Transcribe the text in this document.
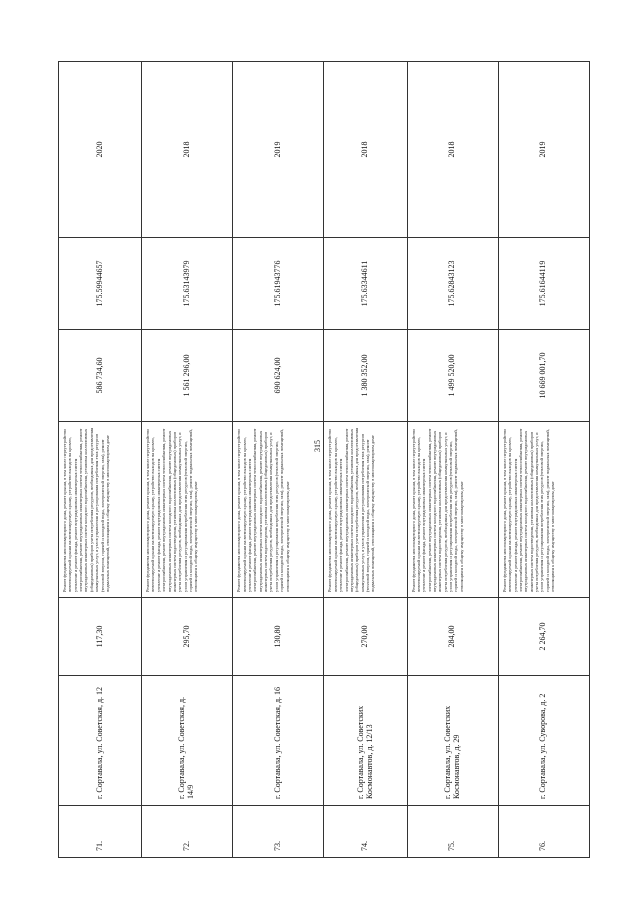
315
71.	г. Сортавала, ул. Советская, д. 12	117,30	Ремонт фундамента многоквартирного дома, ремонт крыши, в том числе переустройство невентилируемой крыши на вентилируемую крышу, устройство выходов на кровлю, утепление и ремонт фасада, ремонт внутридомовых инженерных систем электроснабжения, ремонт внутридомовых инженерных систем теплоснабжения, ремонт внутридомовых инженерных систем холодного водоснабжения, установка коллективных (общедомовых) приборов учета потребления ресурсов, необходимых для предоставления коммунальных услуг, и узлов управления и регулирования потребления этих ресурсов (тепловой энергии, горячей и холодной воды, электрической энергии, газа), ремонт подвальных помещений, относящихся к общему имуществу в многоквартирном доме	586 734,60	175.59944657	2020
72.	г. Сортавала, ул. Советская, д. 14/9	295,70	Ремонт фундамента многоквартирного дома, ремонт крыши, в том числе переустройство невентилируемой крыши на вентилируемую крышу, устройство выходов на кровлю, утепление и ремонт фасада, ремонт внутридомовых инженерных систем электроснабжения, ремонт внутридомовых инженерных систем теплоснабжения, ремонт внутридомовых инженерных систем холодного водоснабжения, ремонт внутридомовых инженерных систем водоотведения, установка коллективных (общедомовых) приборов учета потребления ресурсов, необходимых для предоставления коммунальных услуг, и узлов управления и регулирования потребления этих ресурсов (тепловой энергии, горячей и холодной воды, электрической энергии, газа), ремонт подвальных помещений, относящихся к общему имуществу в многоквартирном доме	1 561 296,00	175.63143979	2018
73.	г. Сортавала, ул. Советская, д. 16	130,80	Ремонт фундамента многоквартирного дома, ремонт крыши, в том числе переустройство невентилируемой крыши на вентилируемую крышу, устройство выходов на кровлю, утепление и ремонт фасада, ремонт внутридомовых инженерных систем электроснабжения, ремонт внутридомовых инженерных систем теплоснабжения, ремонт внутридомовых инженерных систем холодного водоснабжения, ремонт внутридомовых инженерных систем водоотведения, установка коллективных (общедомовых) приборов учета потребления ресурсов, необходимых для предоставления коммунальных услуг, и узлов управления и регулирования потребления этих ресурсов (тепловой энергии, горячей и холодной воды, электрической энергии, газа), ремонт подвальных помещений, относящихся к общему имуществу в многоквартирном доме	690 624,00	175.61943776	2019
74.	г. Сортавала, ул. Советских Космонавтов, д. 12/13	270,00	Ремонт фундамента многоквартирного дома, ремонт крыши, в том числе переустройство невентилируемой крыши на вентилируемую крышу, устройство выходов на кровлю, утепление и ремонт фасада, ремонт внутридомовых инженерных систем электроснабжения, ремонт внутридомовых инженерных систем теплоснабжения, ремонт внутридомовых инженерных систем холодного водоснабжения, установка коллективных (общедомовых) приборов учета потребления ресурсов, необходимых для предоставления коммунальных услуг, и узлов управления и регулирования потребления этих ресурсов (тепловой энергии, горячей и холодной воды, электрической энергии, газа), ремонт подвальных помещений, относящихся к общему имуществу в многоквартирном доме	1 380 352,00	175.63344611	2018
75.	г. Сортавала, ул. Советских Космонавтов, д. 29	284,00	Ремонт фундамента многоквартирного дома, ремонт крыши, в том числе переустройство невентилируемой крыши на вентилируемую крышу, устройство выходов на кровлю, утепление и ремонт фасада, ремонт внутридомовых инженерных систем электроснабжения, ремонт внутридомовых инженерных систем теплоснабжения, ремонт внутридомовых инженерных систем холодного водоснабжения, ремонт внутридомовых инженерных систем водоотведения, установка коллективных (общедомовых) приборов учета потребления ресурсов, необходимых для предоставления коммунальных услуг, и узлов управления и регулирования потребления этих ресурсов (тепловой энергии, горячей и холодной воды, электрической энергии, газа), ремонт подвальных помещений, относящихся к общему имуществу в многоквартирном доме	1 499 520,00	175.62843123	2018
76.	г. Сортавала, ул. Суворова, д. 2	2 264,70	Ремонт фундамента многоквартирного дома, ремонт крыши, в том числе переустройство невентилируемой крыши на вентилируемую крышу, устройство выходов на кровлю, утепление и ремонт фасада, ремонт внутридомовых инженерных систем электроснабжения, ремонт внутридомовых инженерных систем теплоснабжения, ремонт внутридомовых инженерных систем холодного водоснабжения, ремонт внутридомовых инженерных систем водоотведения, установка коллективных (общедомовых) приборов учета потребления ресурсов, необходимых для предоставления коммунальных услуг, и узлов управления и регулирования потребления этих ресурсов (тепловой энергии, горячей и холодной воды, электрической энергии, газа), ремонт подвальных помещений, относящихся к общему имуществу в многоквартирном доме	10 669 001,70	175.61644119	2019
